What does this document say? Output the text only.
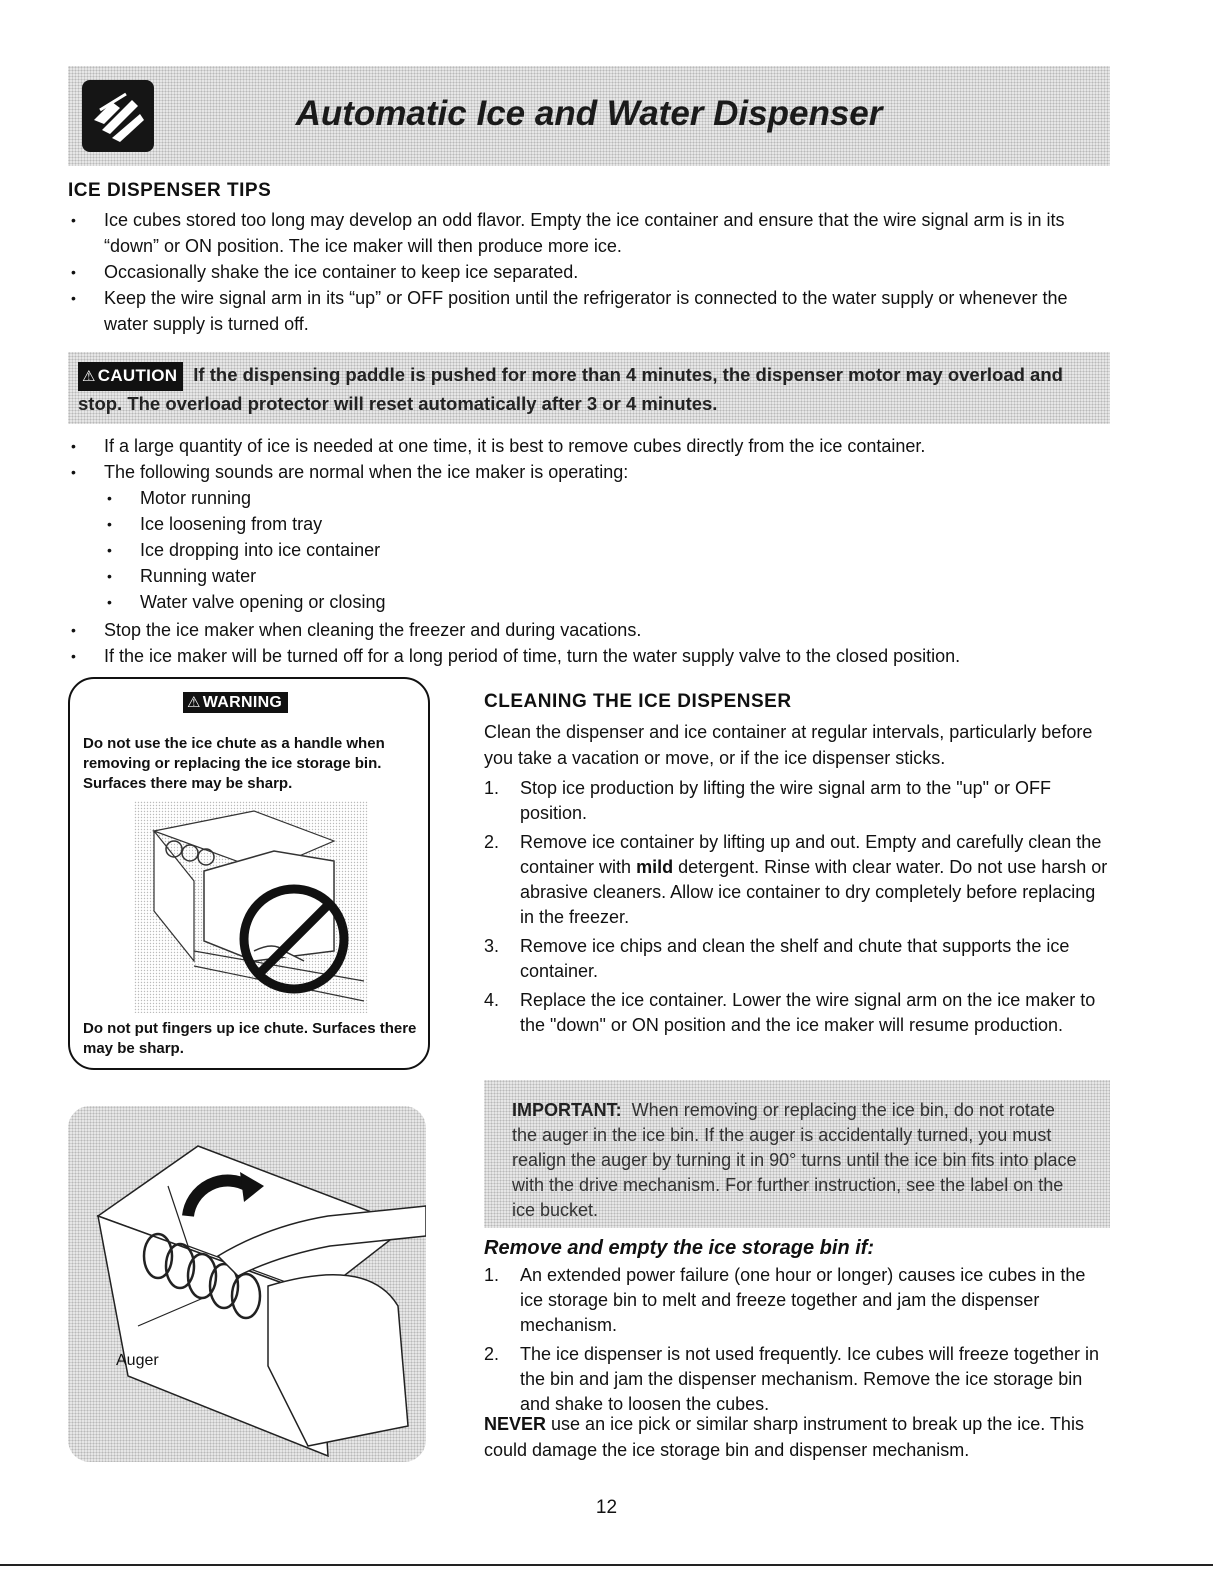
Automatic Ice and Water Dispenser
ICE DISPENSER TIPS
• Ice cubes stored too long may develop an odd flavor. Empty the ice container and ensure that the wire signal arm is in its “down” or ON position. The ice maker will then produce more ice.
• Occasionally shake the ice container to keep ice separated.
• Keep the wire signal arm in its “up” or OFF position until the refrigerator is connected to the water supply or whenever the water supply is turned off.
⚠ CAUTION If the dispensing paddle is pushed for more than 4 minutes, the dispenser motor may overload and stop. The overload protector will reset automatically after 3 or 4 minutes.
• If a large quantity of ice is needed at one time, it is best to remove cubes directly from the ice container.
• The following sounds are normal when the ice maker is operating:
• Motor running
• Ice loosening from tray
• Ice dropping into ice container
• Running water
• Water valve opening or closing
• Stop the ice maker when cleaning the freezer and during vacations.
• If the ice maker will be turned off for a long period of time, turn the water supply valve to the closed position.
⚠ WARNING
Do not use the ice chute as a handle when removing or replacing the ice storage bin. Surfaces there may be sharp.
Do not put fingers up ice chute. Surfaces there may be sharp.
CLEANING THE ICE DISPENSER
Clean the dispenser and ice container at regular intervals, particularly before you take a vacation or move, or if the ice dispenser sticks.
1. Stop ice production by lifting the wire signal arm to the "up" or OFF position.
2. Remove ice container by lifting up and out. Empty and carefully clean the container with mild detergent. Rinse with clear water. Do not use harsh or abrasive cleaners. Allow ice container to dry completely before replacing in the freezer.
3. Remove ice chips and clean the shelf and chute that supports the ice container.
4. Replace the ice container. Lower the wire signal arm on the ice maker to the "down" or ON position and the ice maker will resume production.
Auger
IMPORTANT: When removing or replacing the ice bin, do not rotate the auger in the ice bin. If the auger is accidentally turned, you must realign the auger by turning it in 90° turns until the ice bin fits into place with the drive mechanism. For further instruction, see the label on the ice bucket.
Remove and empty the ice storage bin if:
1. An extended power failure (one hour or longer) causes ice cubes in the ice storage bin to melt and freeze together and jam the dispenser mechanism.
2. The ice dispenser is not used frequently. Ice cubes will freeze together in the bin and jam the dispenser mechanism. Remove the ice storage bin and shake to loosen the cubes.
NEVER use an ice pick or similar sharp instrument to break up the ice. This could damage the ice storage bin and dispenser mechanism.
12
